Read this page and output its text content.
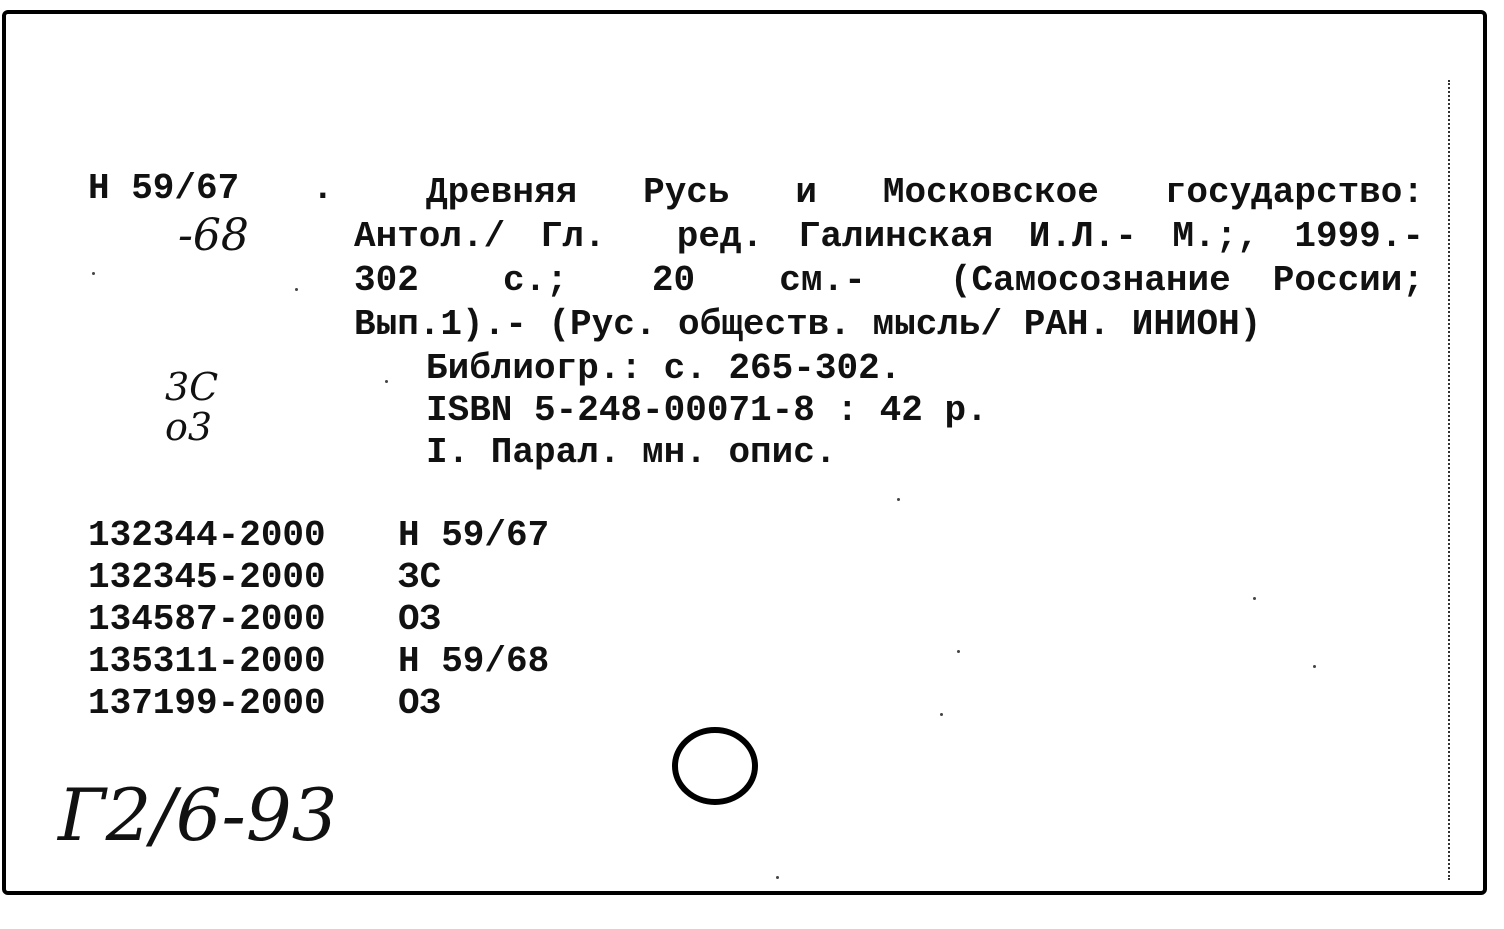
Н 59/67 .
-68
3С
о3
Древняя Русь и Московское государство:
Антол./ Гл.  ред. Галинская И.Л.- М.;, 1999.-
302  с.;  20  см.-  (Самосознание России;
Вып.1).- (Рус. обществ. мысль/ РАН. ИНИОН)
Библиогр.: с. 265-302.
ISBN 5-248-00071-8 : 42 р.
I. Парал. мн. опис.
132344-2000	Н 59/67
132345-2000	ЗС
134587-2000	ОЗ
135311-2000	Н 59/68
137199-2000	ОЗ
Г2/6-93
